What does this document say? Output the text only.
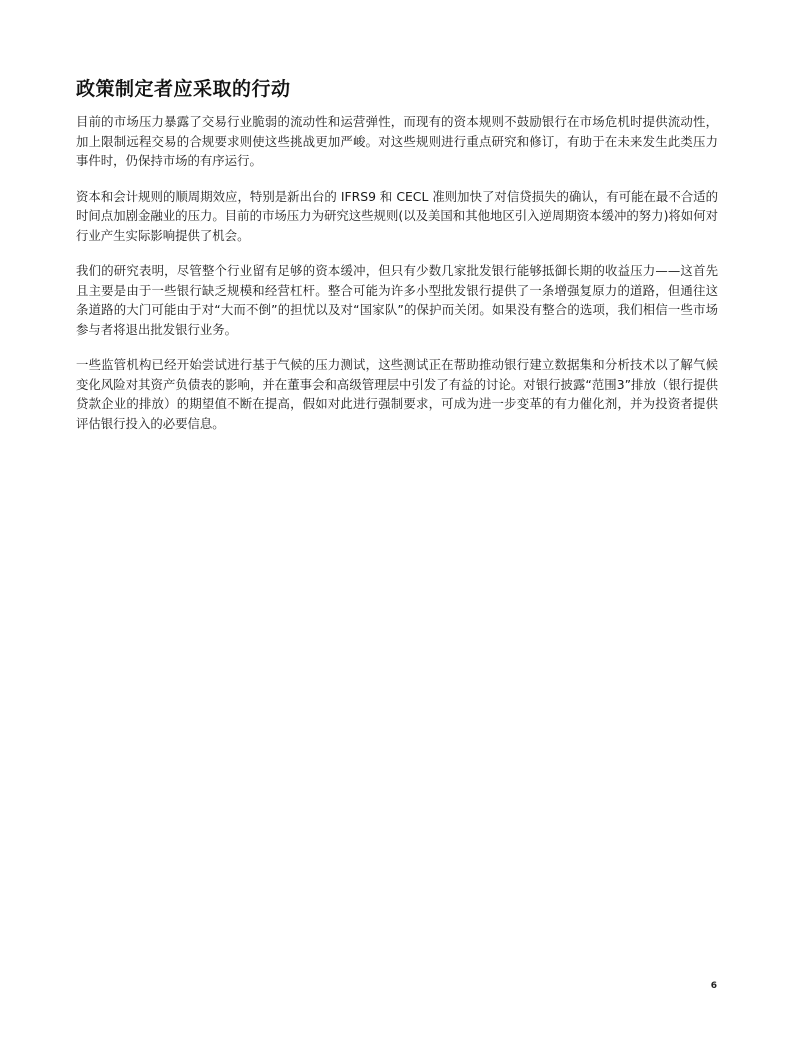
政策制定者应采取的行动

目前的市场压力暴露了交易行业脆弱的流动性和运营弹性，而现有的资本规则不鼓励银行在市场危机时提供流动性，加上限制远程交易的合规要求则使这些挑战更加严峻。对这些规则进行重点研究和修订，有助于在未来发生此类压力事件时，仍保持市场的有序运行。

资本和会计规则的顺周期效应，特别是新出台的 IFRS9 和 CECL 准则加快了对信贷损失的确认，有可能在最不合适的时间点加剧金融业的压力。目前的市场压力为研究这些规则(以及美国和其他地区引入逆周期资本缓冲的努力)将如何对行业产生实际影响提供了机会。

我们的研究表明，尽管整个行业留有足够的资本缓冲，但只有少数几家批发银行能够抵御长期的收益压力——这首先且主要是由于一些银行缺乏规模和经营杠杆。整合可能为许多小型批发银行提供了一条增强复原力的道路，但通往这条道路的大门可能由于对“大而不倒”的担忧以及对“国家队”的保护而关闭。如果没有整合的选项，我们相信一些市场参与者将退出批发银行业务。

一些监管机构已经开始尝试进行基于气候的压力测试，这些测试正在帮助推动银行建立数据集和分析技术以了解气候变化风险对其资产负债表的影响，并在董事会和高级管理层中引发了有益的讨论。对银行披露“范围3”排放（银行提供贷款企业的排放）的期望值不断在提高，假如对此进行强制要求，可成为进一步变革的有力催化剂，并为投资者提供评估银行投入的必要信息。

6
